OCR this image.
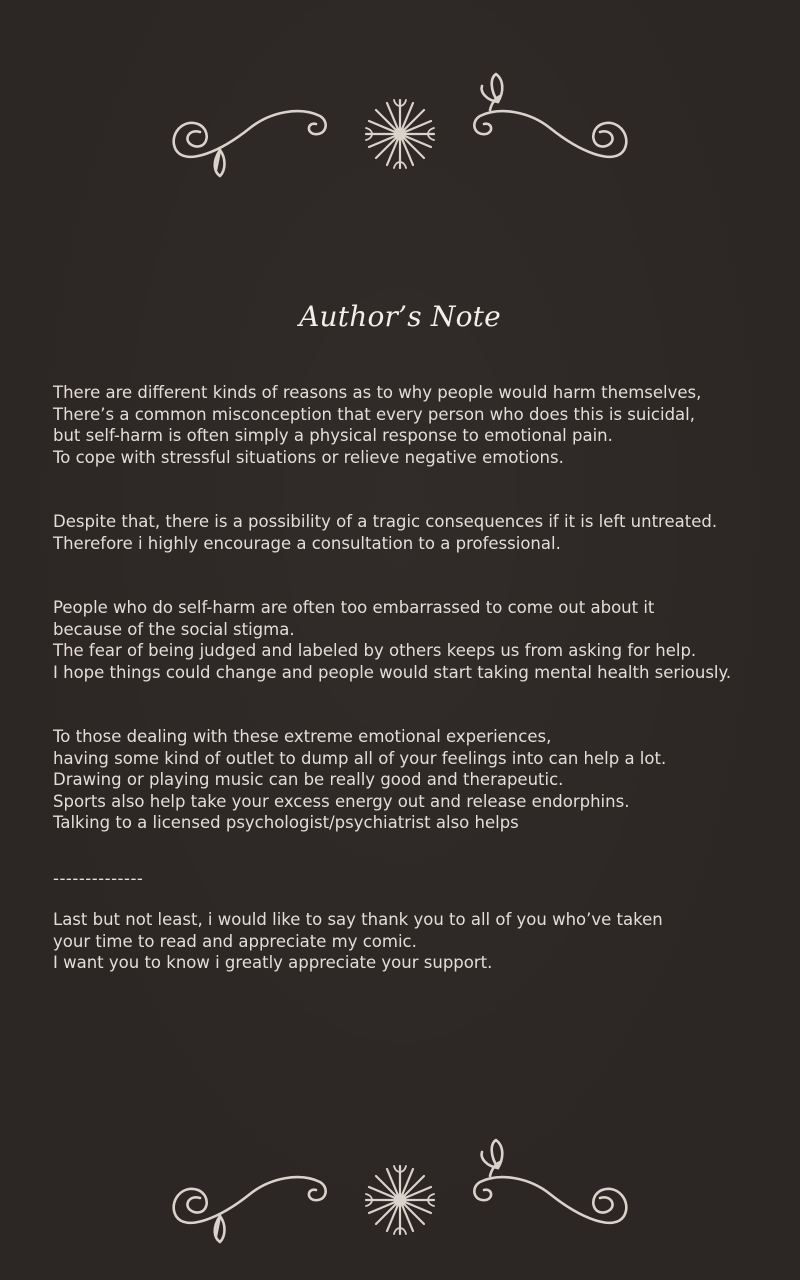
Author’s Note

There are different kinds of reasons as to why people would harm themselves,
There’s a common misconception that every person who does this is suicidal,
but self-harm is often simply a physical response to emotional pain.
To cope with stressful situations or relieve negative emotions.

Despite that, there is a possibility of a tragic consequences if it is left untreated.
Therefore i highly encourage a consultation to a professional.

People who do self-harm are often too embarrassed to come out about it
because of the social stigma.
The fear of being judged and labeled by others keeps us from asking for help.
I hope things could change and people would start taking mental health seriously.

To those dealing with these extreme emotional experiences,
having some kind of outlet to dump all of your feelings into can help a lot.
Drawing or playing music can be really good and therapeutic.
Sports also help take your excess energy out and release endorphins.
Talking to a licensed psychologist/psychiatrist also helps

--------------

Last but not least, i would like to say thank you to all of you who’ve taken
your time to read and appreciate my comic.
I want you to know i greatly appreciate your support.
